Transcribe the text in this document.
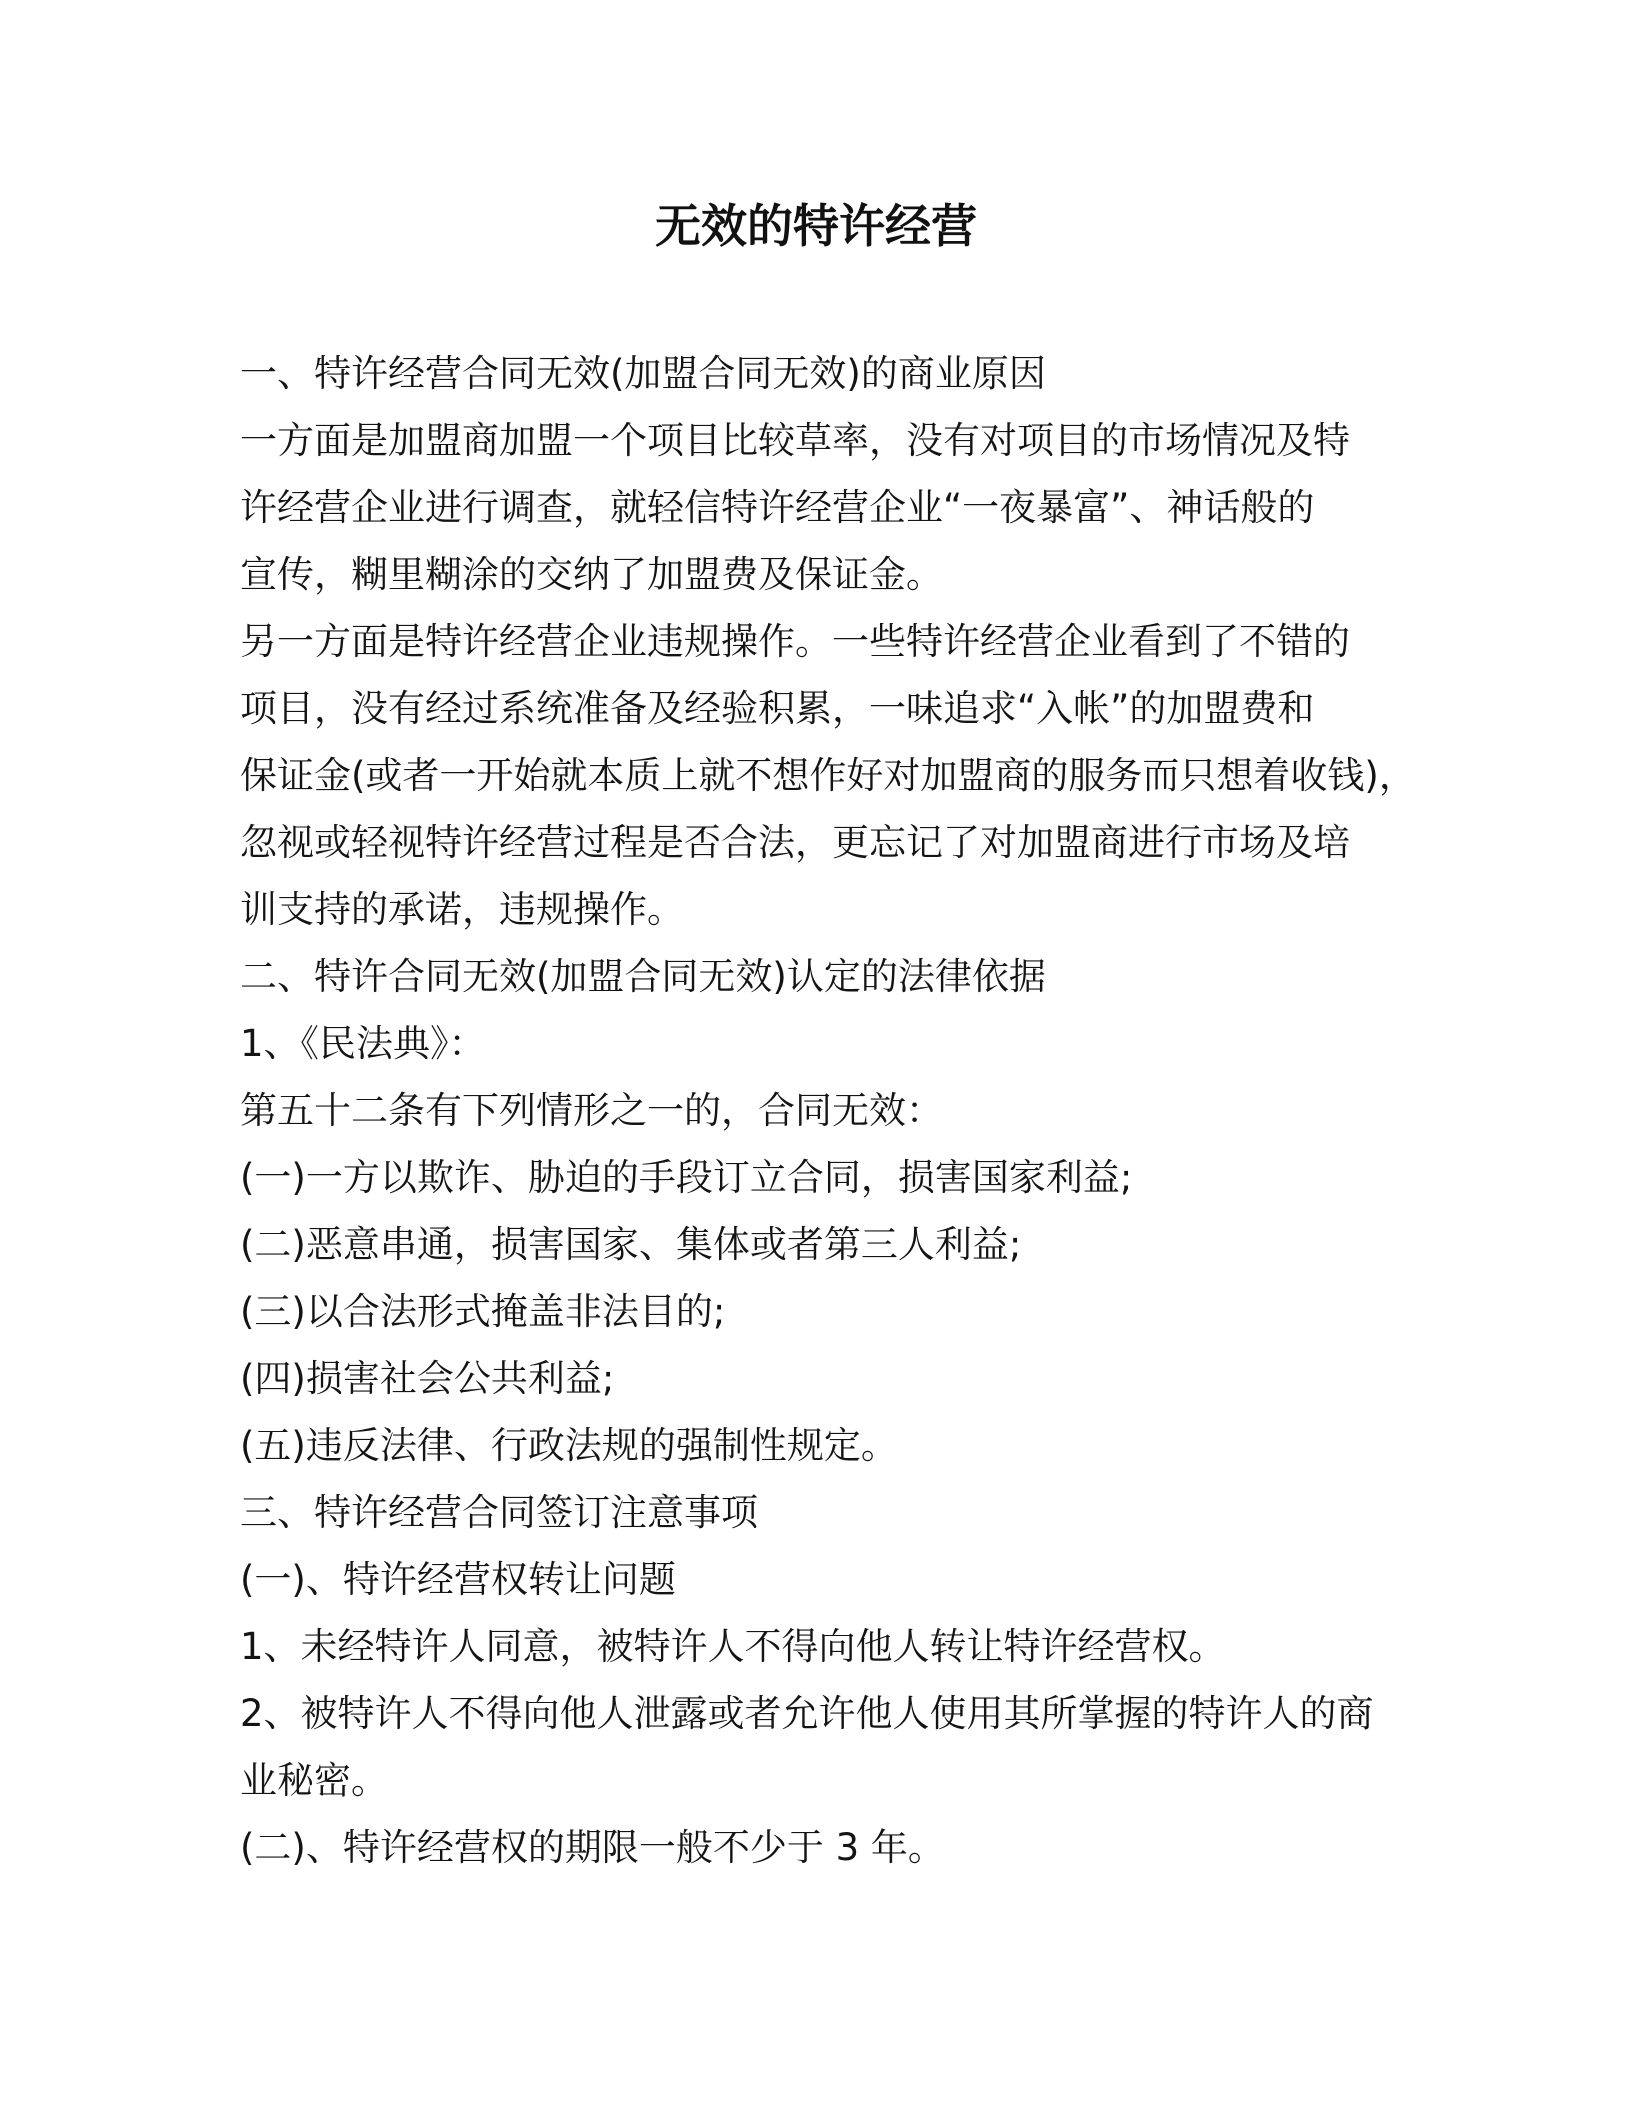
无效的特许经营
一、特许经营合同无效(加盟合同无效)的商业原因
一方面是加盟商加盟一个项目比较草率，没有对项目的市场情况及特
许经营企业进行调查，就轻信特许经营企业“一夜暴富”、神话般的
宣传，糊里糊涂的交纳了加盟费及保证金。
另一方面是特许经营企业违规操作。一些特许经营企业看到了不错的
项目，没有经过系统准备及经验积累，一味追求“入帐”的加盟费和
保证金(或者一开始就本质上就不想作好对加盟商的服务而只想着收钱)，
忽视或轻视特许经营过程是否合法，更忘记了对加盟商进行市场及培
训支持的承诺，违规操作。
二、特许合同无效(加盟合同无效)认定的法律依据
1、《民法典》：
第五十二条有下列情形之一的，合同无效：
(一)一方以欺诈、胁迫的手段订立合同，损害国家利益;
(二)恶意串通，损害国家、集体或者第三人利益;
(三)以合法形式掩盖非法目的;
(四)损害社会公共利益;
(五)违反法律、行政法规的强制性规定。
三、特许经营合同签订注意事项
(一)、特许经营权转让问题
1、未经特许人同意，被特许人不得向他人转让特许经营权。
2、被特许人不得向他人泄露或者允许他人使用其所掌握的特许人的商
业秘密。
(二)、特许经营权的期限一般不少于 3 年。
